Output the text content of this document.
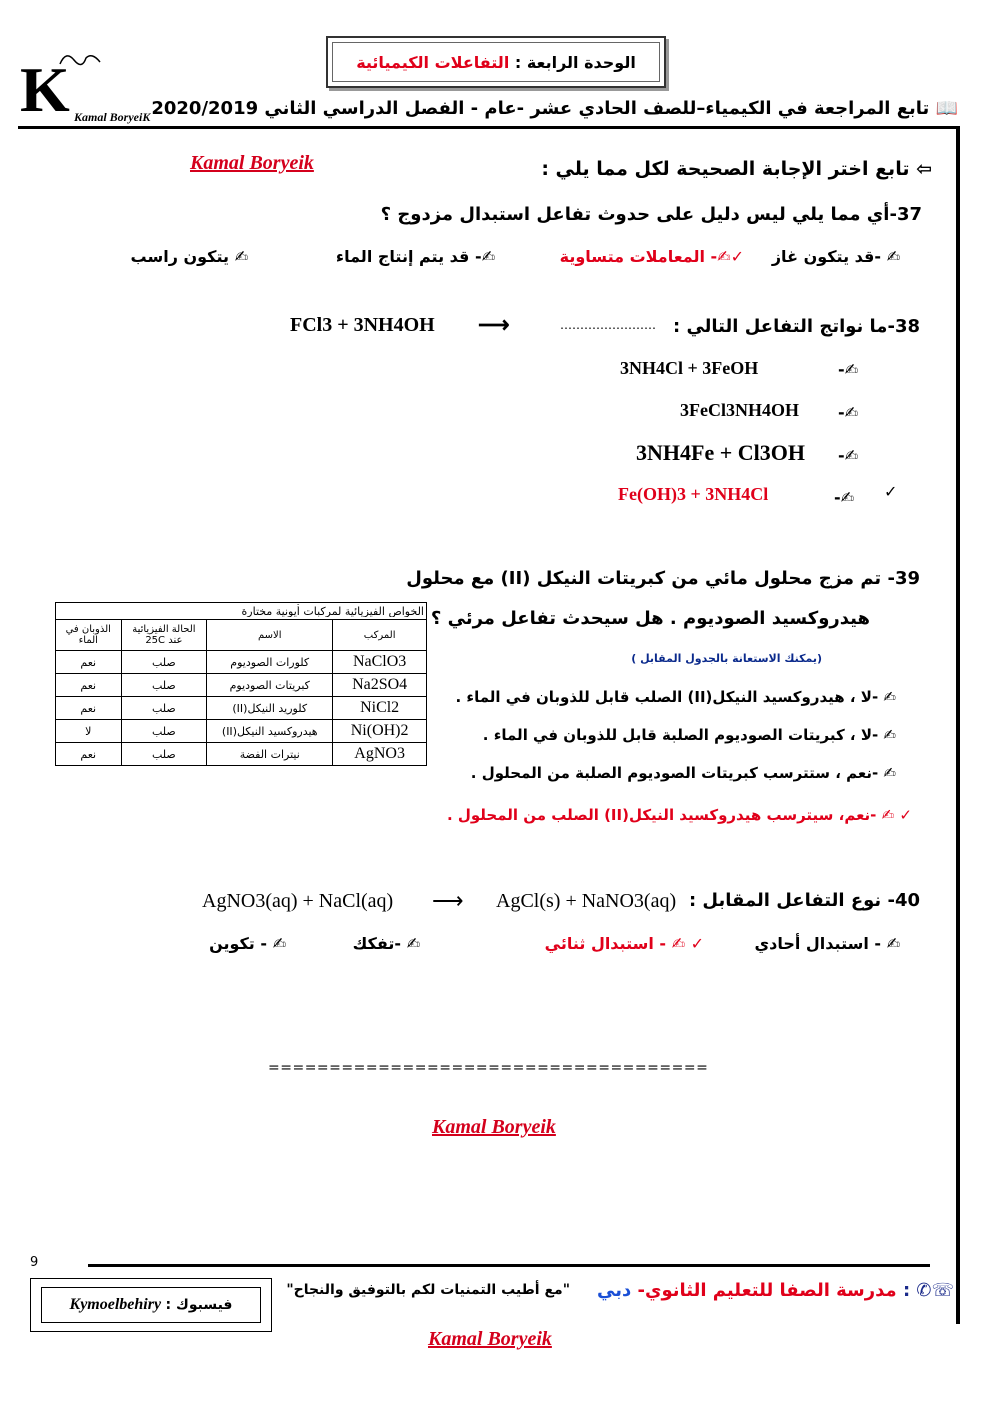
الوحدة الرابعة :

التفاعلات الكيميائية
K Kamal BoryeiK 📖 تابع المراجعة في الكيمياء–للصف الحادي عشر -عام - الفصل الدراسي الثاني 2020/2019
Kamal Boryeik	⇦ تابع اختر الإجابة الصحيحة لكل مما يلي :
37-أي مما يلي ليس دليل على حدوث تفاعل استبدال مزدوج ؟
✍ -قد يتكون غاز
✓✍- المعاملات متساوية
✍- قد يتم إنتاج الماء
✍ يتكون راسب
38-ما نواتج التفاعل التالي :
……………………
⟶
FCl3 + 3NH4OH
-✍
3NH4Cl + 3FeOH
-✍
3FeCl3NH4OH
-✍
3NH4Fe + Cl3OH
-✍ ✓
Fe(OH)3 + 3NH4Cl
39- تم مزج محلول مائي من كبريتات النيكل (II) مع محلول
هيدروكسيد الصوديوم . هل سيحدث تفاعل مرئي ؟
(يمكنك الاستعانة بالجدول المقابل )
✍ -لا ، هيدروكسيد النيكل(II) الصلب قابل للذوبان في الماء .
✍ -لا ، كبريتات الصوديوم الصلبة قابل للذوبان في الماء .
✍ -نعم ، ستترسب كبريتات الصوديوم الصلبة من المحلول .
✓ ✍ -نعم، سيترسب هيدروكسيد النيكل(II) الصلب من المحلول .
الخواص الفيزيائية لمركبات أيونية مختارة			
المركب	الاسم	الحالة الفيزيائية عند 25C	الذوبان في الماء
NaClO3	كلورات الصوديوم	صلب	نعم
Na2SO4	كبريتات الصوديوم	صلب	نعم
NiCl2	كلوريد النيكل(II)	صلب	نعم
Ni(OH)2	هيدروكسيد النيكل(II)	صلب	لا
AgNO3	نيترات الفضة	صلب	نعم
40- نوع التفاعل المقابل :
AgNO3(aq) + NaCl(aq) ⟶ AgCl(s) + NaNO3(aq)
✍ - استبدال أحادي
✓ ✍ - استبدال ثنائي
✍ -تفكك
✍ - تكوين
====================================
Kamal Boryeik
9
☏✆ : مدرسة الصفا للتعليم الثانوي- دبي
"مع أطيب التمنيات لكم بالتوفيق والنجاح"
فيسبوك :

Kymoelbehiry
Kamal Boryeik
